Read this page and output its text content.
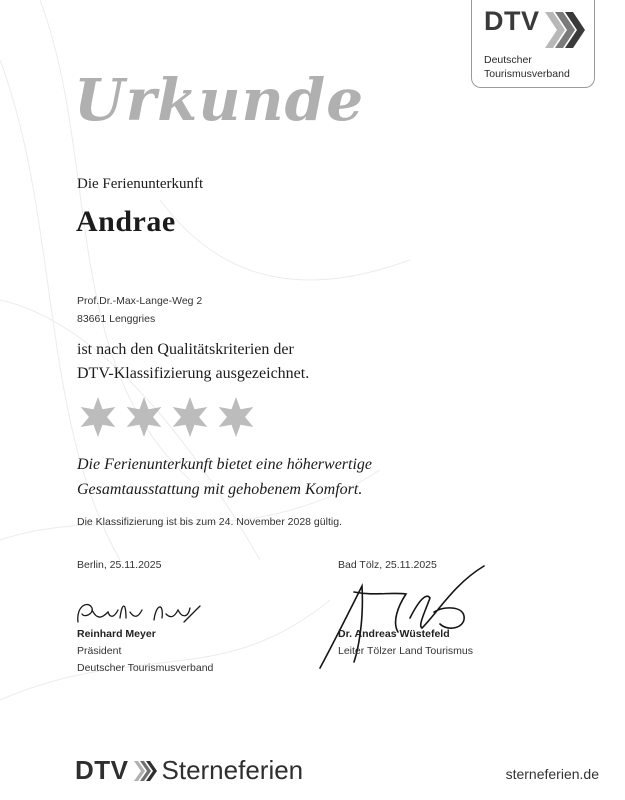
DTV
Deutscher
Tourismusverband
Urkunde
Die Ferienunterkunft
Andrae
Prof.Dr.-Max-Lange-Weg 2
83661 Lenggries
ist nach den Qualitätskriterien der
DTV-Klassifizierung ausgezeichnet.
Die Ferienunterkunft bietet eine höherwertige
Gesamtausstattung mit gehobenem Komfort.
Die Klassifizierung ist bis zum 24. November 2028 gültig.
Berlin, 25.11.2025
Reinhard Meyer
Präsident
Deutscher Tourismusverband
Bad Tölz, 25.11.2025
Dr. Andreas Wüstefeld
Leiter Tölzer Land Tourismus
DTV Sterneferien	sterneferien.de
